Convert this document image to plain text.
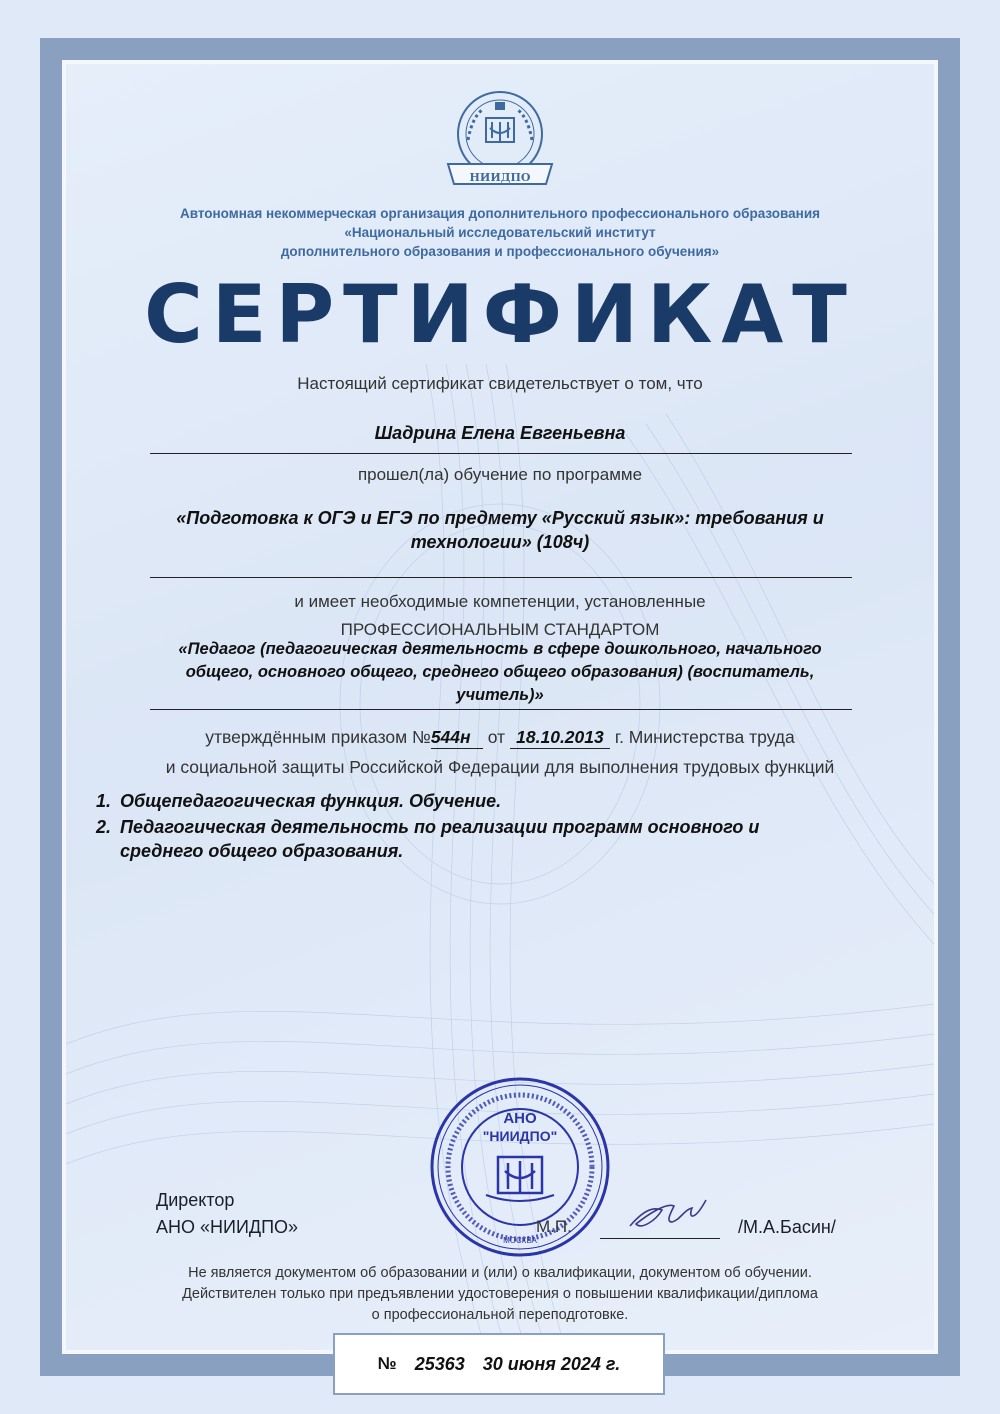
НИИДПО
Автономная некоммерческая организация дополнительного профессионального образования
«Национальный исследовательский институт
дополнительного образования и профессионального обучения»
СЕРТИФИКАТ
Настоящий сертификат свидетельствует о том, что
Шадрина Елена Евгеньевна
прошел(ла) обучение по программе
«Подготовка к ОГЭ и ЕГЭ по предмету «Русский язык»: требования и
технологии» (108ч)
и имеет необходимые компетенции, установленные
ПРОФЕССИОНАЛЬНЫМ СТАНДАРТОМ
«Педагог (педагогическая деятельность в сфере дошкольного, начального
общего, основного общего, среднего общего образования) (воспитатель,
учитель)»
утверждённым приказом №544н от 18.10.2013 г. Министерства труда
и социальной защиты Российской Федерации для выполнения трудовых функций
1. Общепедагогическая функция. Обучение.
2. Педагогическая деятельность по реализации программ основного и
среднего общего образования.
АНО
"НИИДПО"
МОСКВА
Директор
АНО «НИИДПО»	М.П.	/М.А.Басин/
Не является документом об образовании и (или) о квалификации, документом об обучении.
Действителен только при предъявлении удостоверения о повышении квалификации/диплома
о профессиональной переподготовке.
№ 25363 30 июня 2024 г.
